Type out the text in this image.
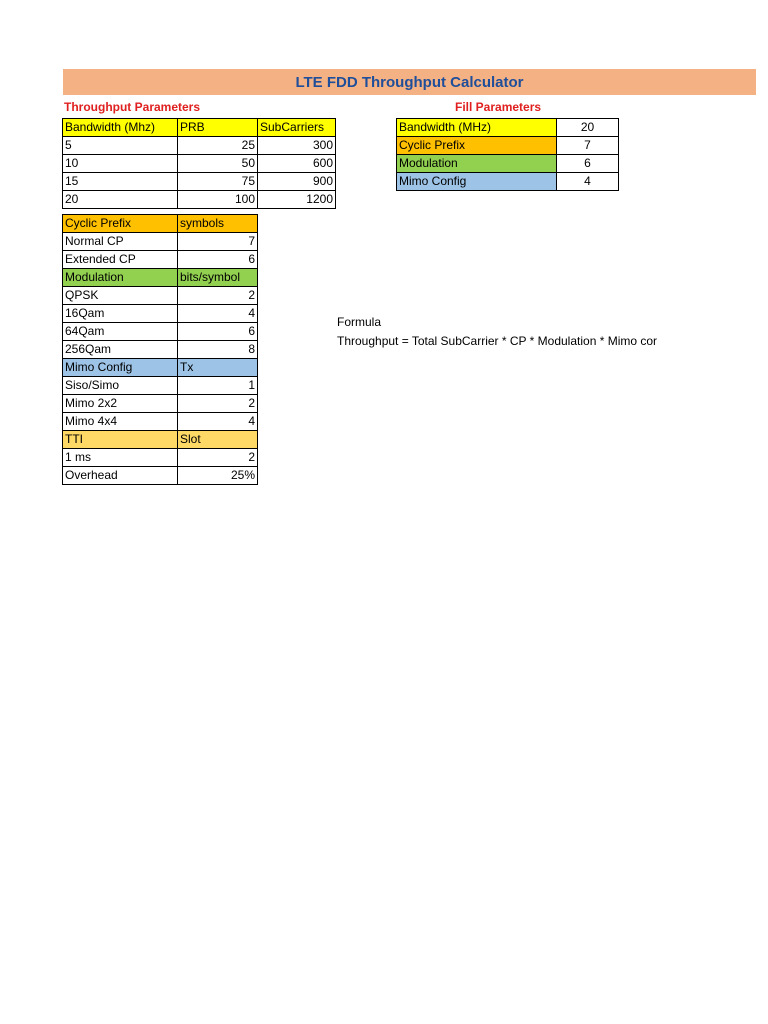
LTE FDD Throughput Calculator
Throughput Parameters	Fill Parameters
Bandwidth (Mhz)	PRB	SubCarriers
5	25	300
10	50	600
15	75	900
20	100	1200
Cyclic Prefix	symbols
Normal CP	7
Extended CP	6
Modulation	bits/symbol
QPSK	2
16Qam	4
64Qam	6
256Qam	8
Mimo Config	Tx
Siso/Simo	1
Mimo 2x2	2
Mimo 4x4	4
TTI	Slot
1 ms	2
Overhead	25%
Bandwidth (MHz)	20
Cyclic Prefix	7
Modulation	6
Mimo Config	4
Formula
Throughput = Total SubCarrier * CP * Modulation * Mimo cor
